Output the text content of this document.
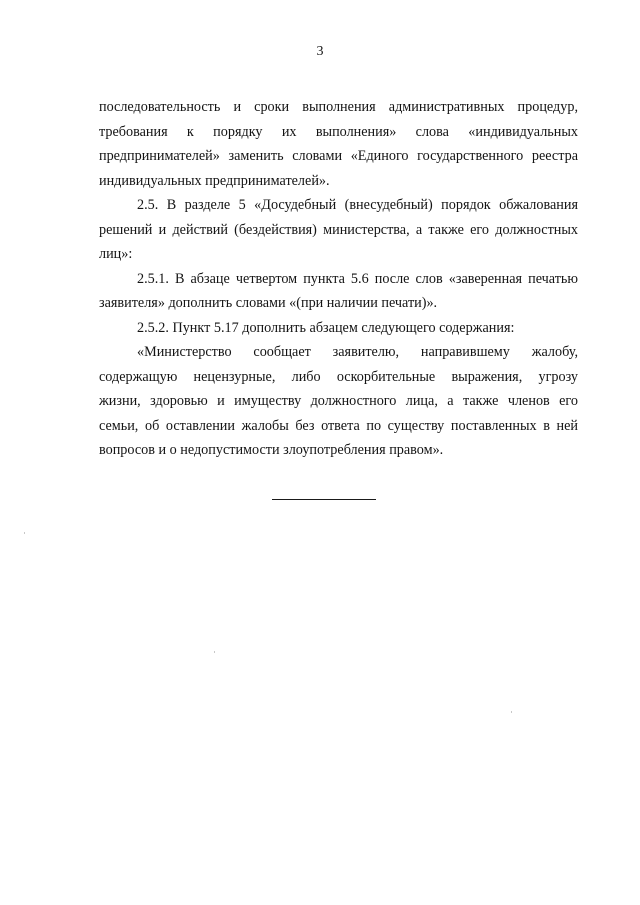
3
последовательность и сроки выполнения административных процедур,
требования к порядку их выполнения» слова «индивидуальных
предпринимателей» заменить словами «Единого государственного реестра
индивидуальных предпринимателей».
2.5. В разделе 5 «Досудебный (внесудебный) порядок обжалования
решений и действий (бездействия) министерства, а также его должностных
лиц»:
2.5.1. В абзаце четвертом пункта 5.6 после слов «заверенная печатью
заявителя» дополнить словами «(при наличии печати)».
2.5.2. Пункт 5.17 дополнить абзацем следующего содержания:
«Министерство сообщает заявителю, направившему жалобу,
содержащую нецензурные, либо оскорбительные выражения, угрозу
жизни, здоровью и имуществу должностного лица, а также членов его
семьи, об оставлении жалобы без ответа по существу поставленных в ней
вопросов и о недопустимости злоупотребления правом».
